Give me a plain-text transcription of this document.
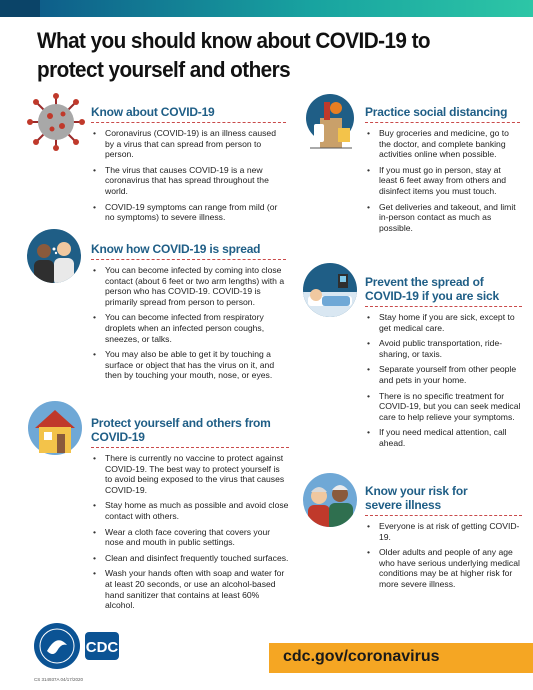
What you should know about COVID-19 to
protect yourself and others
Know about COVID-19
• Coronavirus (COVID-19) is an illness caused by a virus that can spread from person to person.
• The virus that causes COVID-19 is a new coronavirus that has spread throughout the world.
• COVID-19 symptoms can range from mild (or no symptoms) to severe illness.
Know how COVID-19 is spread
• You can become infected by coming into close contact (about 6 feet or two arm lengths) with a person who has COVID-19. COVID-19 is primarily spread from person to person.
• You can become infected from respiratory droplets when an infected person coughs, sneezes, or talks.
• You may also be able to get it by touching a surface or object that has the virus on it, and then by touching your mouth, nose, or eyes.
Protect yourself and others from COVID-19
• There is currently no vaccine to protect against COVID-19. The best way to protect yourself is to avoid being exposed to the virus that causes COVID-19.
• Stay home as much as possible and avoid close contact with others.
• Wear a cloth face covering that covers your nose and mouth in public settings.
• Clean and disinfect frequently touched surfaces.
• Wash your hands often with soap and water for at least 20 seconds, or use an alcohol-based hand sanitizer that contains at least 60% alcohol.
Practice social distancing
• Buy groceries and medicine, go to the doctor, and complete banking activities online when possible.
• If you must go in person, stay at least 6 feet away from others and disinfect items you must touch.
• Get deliveries and takeout, and limit in-person contact as much as possible.
Prevent the spread of
COVID-19 if you are sick
• Stay home if you are sick, except to get medical care.
• Avoid public transportation, ride-sharing, or taxis.
• Separate yourself from other people and pets in your home.
• There is no specific treatment for COVID-19, but you can seek medical care to help relieve your symptoms.
• If you need medical attention, call ahead.
Know your risk for
severe illness
• Everyone is at risk of getting COVID-19.
• Older adults and people of any age who have serious underlying medical conditions may be at higher risk for more severe illness.
CDC
CS 314937A 04/17/2020
cdc.gov/coronavirus
